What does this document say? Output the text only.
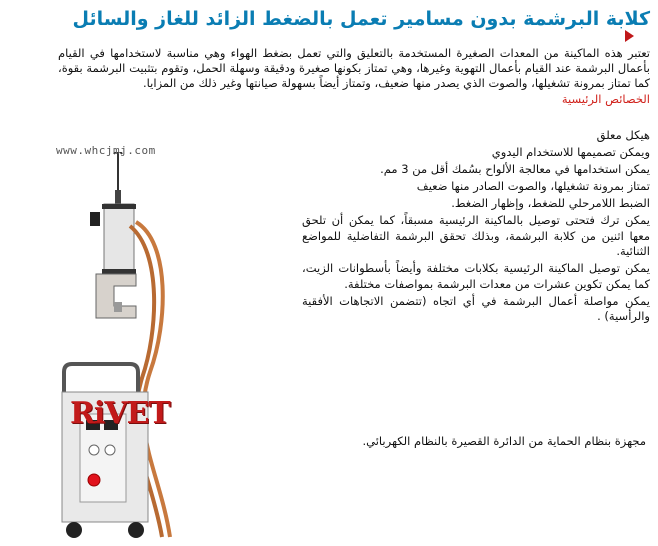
كلابة البرشمة بدون مسامير تعمل بالضغط الزائد للغاز والسائل

تعتبر هذه الماكينة من المعدات الصغيرة المستخدمة بالتعليق والتي تعمل بضغط الهواء وهي مناسبة لاستخدامها في القيام بأعمال البرشمة عند القيام بأعمال التهوية وغيرها، وهي تمتاز بكونها صغيرة ودقيقة وسهلة الحمل، وتقوم بتثبيت البرشمة بقوة، كما تمتاز بمرونة تشغيلها، والصوت الذي يصدر منها ضعيف، وتمتاز أيضاً بسهولة صيانتها وغير ذلك من المزايا.

الخصائص الرئيسية
هيكل معلق
ويمكن تصميمها للاستخدام اليدوي
يمكن استخدامها في معالجة الألواح بسُمك أقل من 3 مم.
تمتاز بمرونة تشغيلها، والصوت الصادر منها ضعيف
الضبط اللامرحلي للضغط، وإظهار الضغط.
يمكن ترك فتحتى توصيل بالماكينة الرئيسية مسبقاً، كما يمكن أن تلحق معها اثنين من كلابة البرشمة، وبذلك تحقق البرشمة التفاضلية للمواضع الثنائية.
يمكن توصيل الماكينة الرئيسية بكلابات مختلفة وأيضاً بأسطوانات الزيت، كما يمكن تكوين عشرات من معدات البرشمة بمواصفات مختلفة.
يمكن مواصلة أعمال البرشمة في أي اتجاه (تتضمن الاتجاهات الأفقية والرأسية) .

مجهزة بنظام الحماية من الدائرة القصيرة بالنظام الكهربائي.

www.whcjmj.com
RiVET
